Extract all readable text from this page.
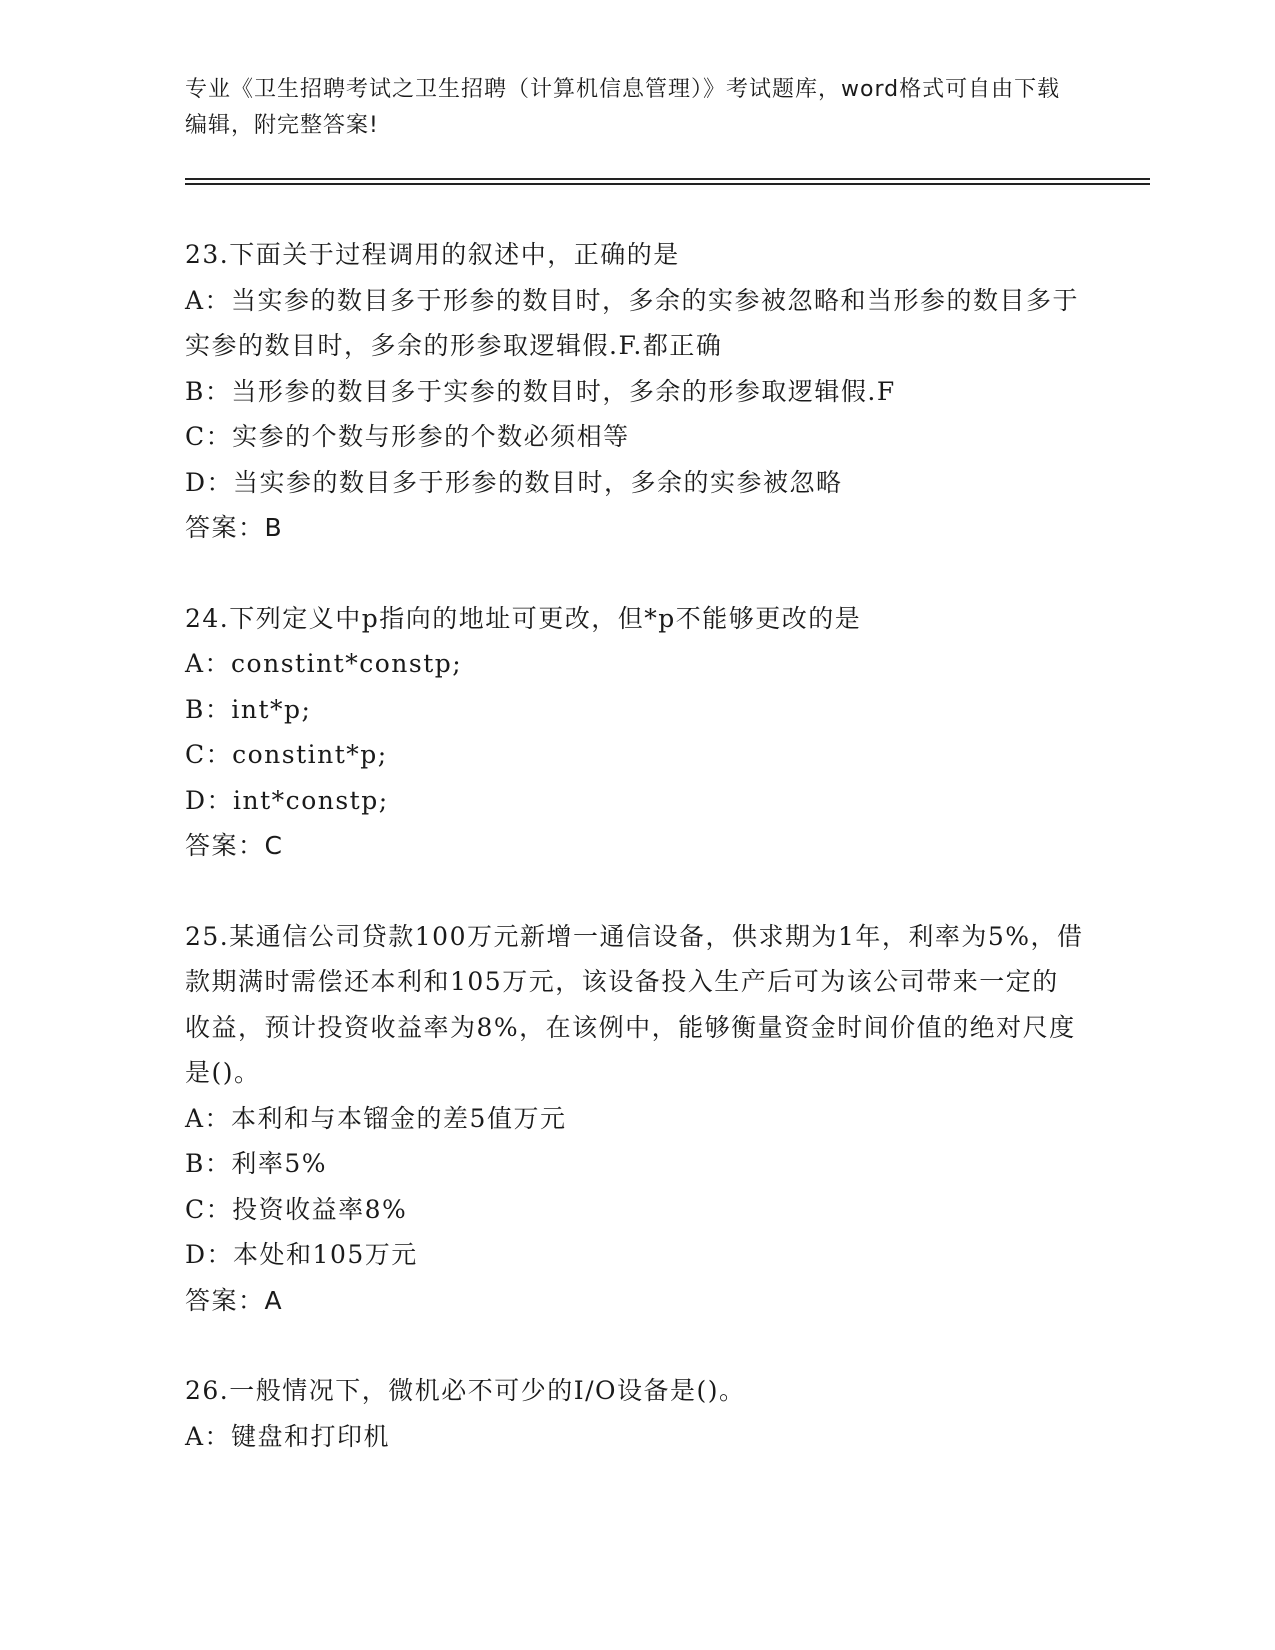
专业《卫生招聘考试之卫生招聘（计算机信息管理）》考试题库，word格式可自由下载编辑，附完整答案!

23.下面关于过程调用的叙述中，正确的是

A：当实参的数目多于形参的数目时，多余的实参被忽略和当形参的数目多于实参的数目时，多余的形参取逻辑假.F.都正确

B：当形参的数目多于实参的数目时，多余的形参取逻辑假.F

C：实参的个数与形参的个数必须相等

D：当实参的数目多于形参的数目时，多余的实参被忽略

答案：B

24.下列定义中p指向的地址可更改，但*p不能够更改的是

A：constint*constp;

B：int*p;

C：constint*p;

D：int*constp;

答案：C

25.某通信公司贷款100万元新增一通信设备，供求期为1年，利率为5%，借款期满时需偿还本利和105万元，该设备投入生产后可为该公司带来一定的收益，预计投资收益率为8%，在该例中，能够衡量资金时间价值的绝对尺度是()。

A：本利和与本镏金的差5值万元

B：利率5%

C：投资收益率8%

D：本处和105万元

答案：A

26.一般情况下，微机必不可少的I/O设备是()。

A：键盘和打印机
